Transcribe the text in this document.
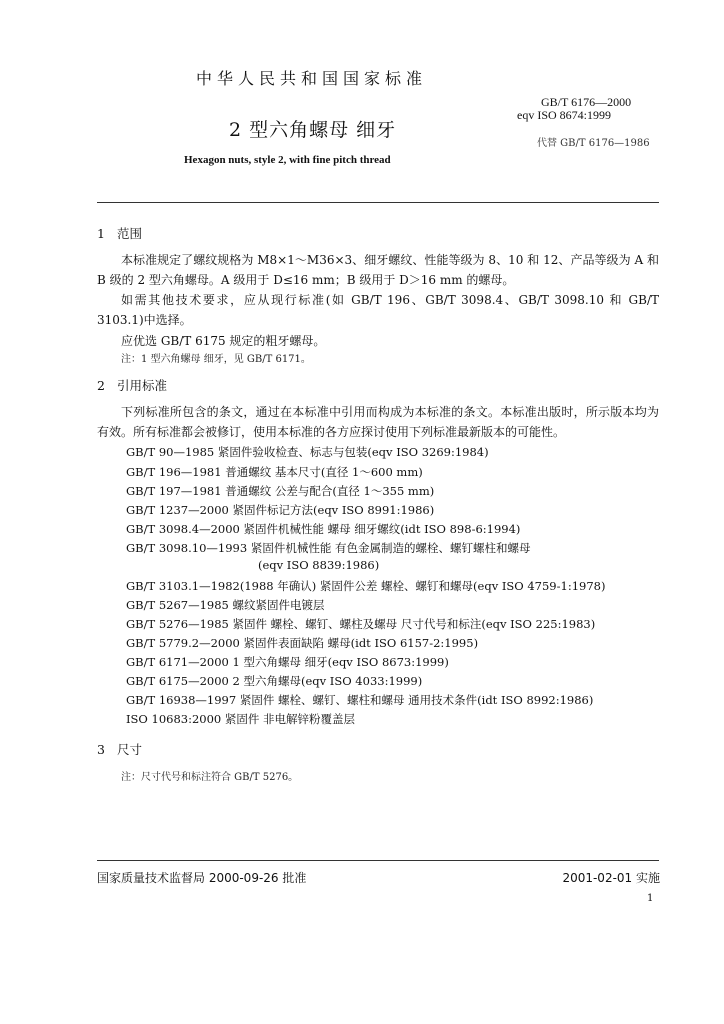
中华人民共和国国家标准
GB/T 6176—2000
eqv ISO 8674:1999
2 型六角螺母 细牙
代替 GB/T 6176—1986
Hexagon nuts, style 2, with fine pitch thread
1 范围
本标准规定了螺纹规格为 M8×1～M36×3、细牙螺纹、性能等级为 8、10 和 12、产品等级为 A 和 B 级的 2 型六角螺母。A 级用于 D≤16 mm；B 级用于 D＞16 mm 的螺母。
如需其他技术要求，应从现行标准(如 GB/T 196、GB/T 3098.4、GB/T 3098.10 和 GB/T 3103.1)中选择。
应优选 GB/T 6175 规定的粗牙螺母。
注：1 型六角螺母 细牙，见 GB/T 6171。
2 引用标准
下列标准所包含的条文，通过在本标准中引用而构成为本标准的条文。本标准出版时，所示版本均为有效。所有标准都会被修订，使用本标准的各方应探讨使用下列标准最新版本的可能性。
GB/T 90—1985 紧固件验收检查、标志与包装(eqv ISO 3269:1984)
GB/T 196—1981 普通螺纹 基本尺寸(直径 1～600 mm)
GB/T 197—1981 普通螺纹 公差与配合(直径 1～355 mm)
GB/T 1237—2000 紧固件标记方法(eqv ISO 8991:1986)
GB/T 3098.4—2000 紧固件机械性能 螺母 细牙螺纹(idt ISO 898-6:1994)
GB/T 3098.10—1993 紧固件机械性能 有色金属制造的螺栓、螺钉螺柱和螺母
(eqv ISO 8839:1986)
GB/T 3103.1—1982(1988 年确认) 紧固件公差 螺栓、螺钉和螺母(eqv ISO 4759-1:1978)
GB/T 5267—1985 螺纹紧固件电镀层
GB/T 5276—1985 紧固件 螺栓、螺钉、螺柱及螺母 尺寸代号和标注(eqv ISO 225:1983)
GB/T 5779.2—2000 紧固件表面缺陷 螺母(idt ISO 6157-2:1995)
GB/T 6171—2000 1 型六角螺母 细牙(eqv ISO 8673:1999)
GB/T 6175—2000 2 型六角螺母(eqv ISO 4033:1999)
GB/T 16938—1997 紧固件 螺栓、螺钉、螺柱和螺母 通用技术条件(idt ISO 8992:1986)
ISO 10683:2000 紧固件 非电解锌粉覆盖层
3 尺寸
注：尺寸代号和标注符合 GB/T 5276。
国家质量技术监督局 2000-09-26 批准	2001-02-01 实施
1
